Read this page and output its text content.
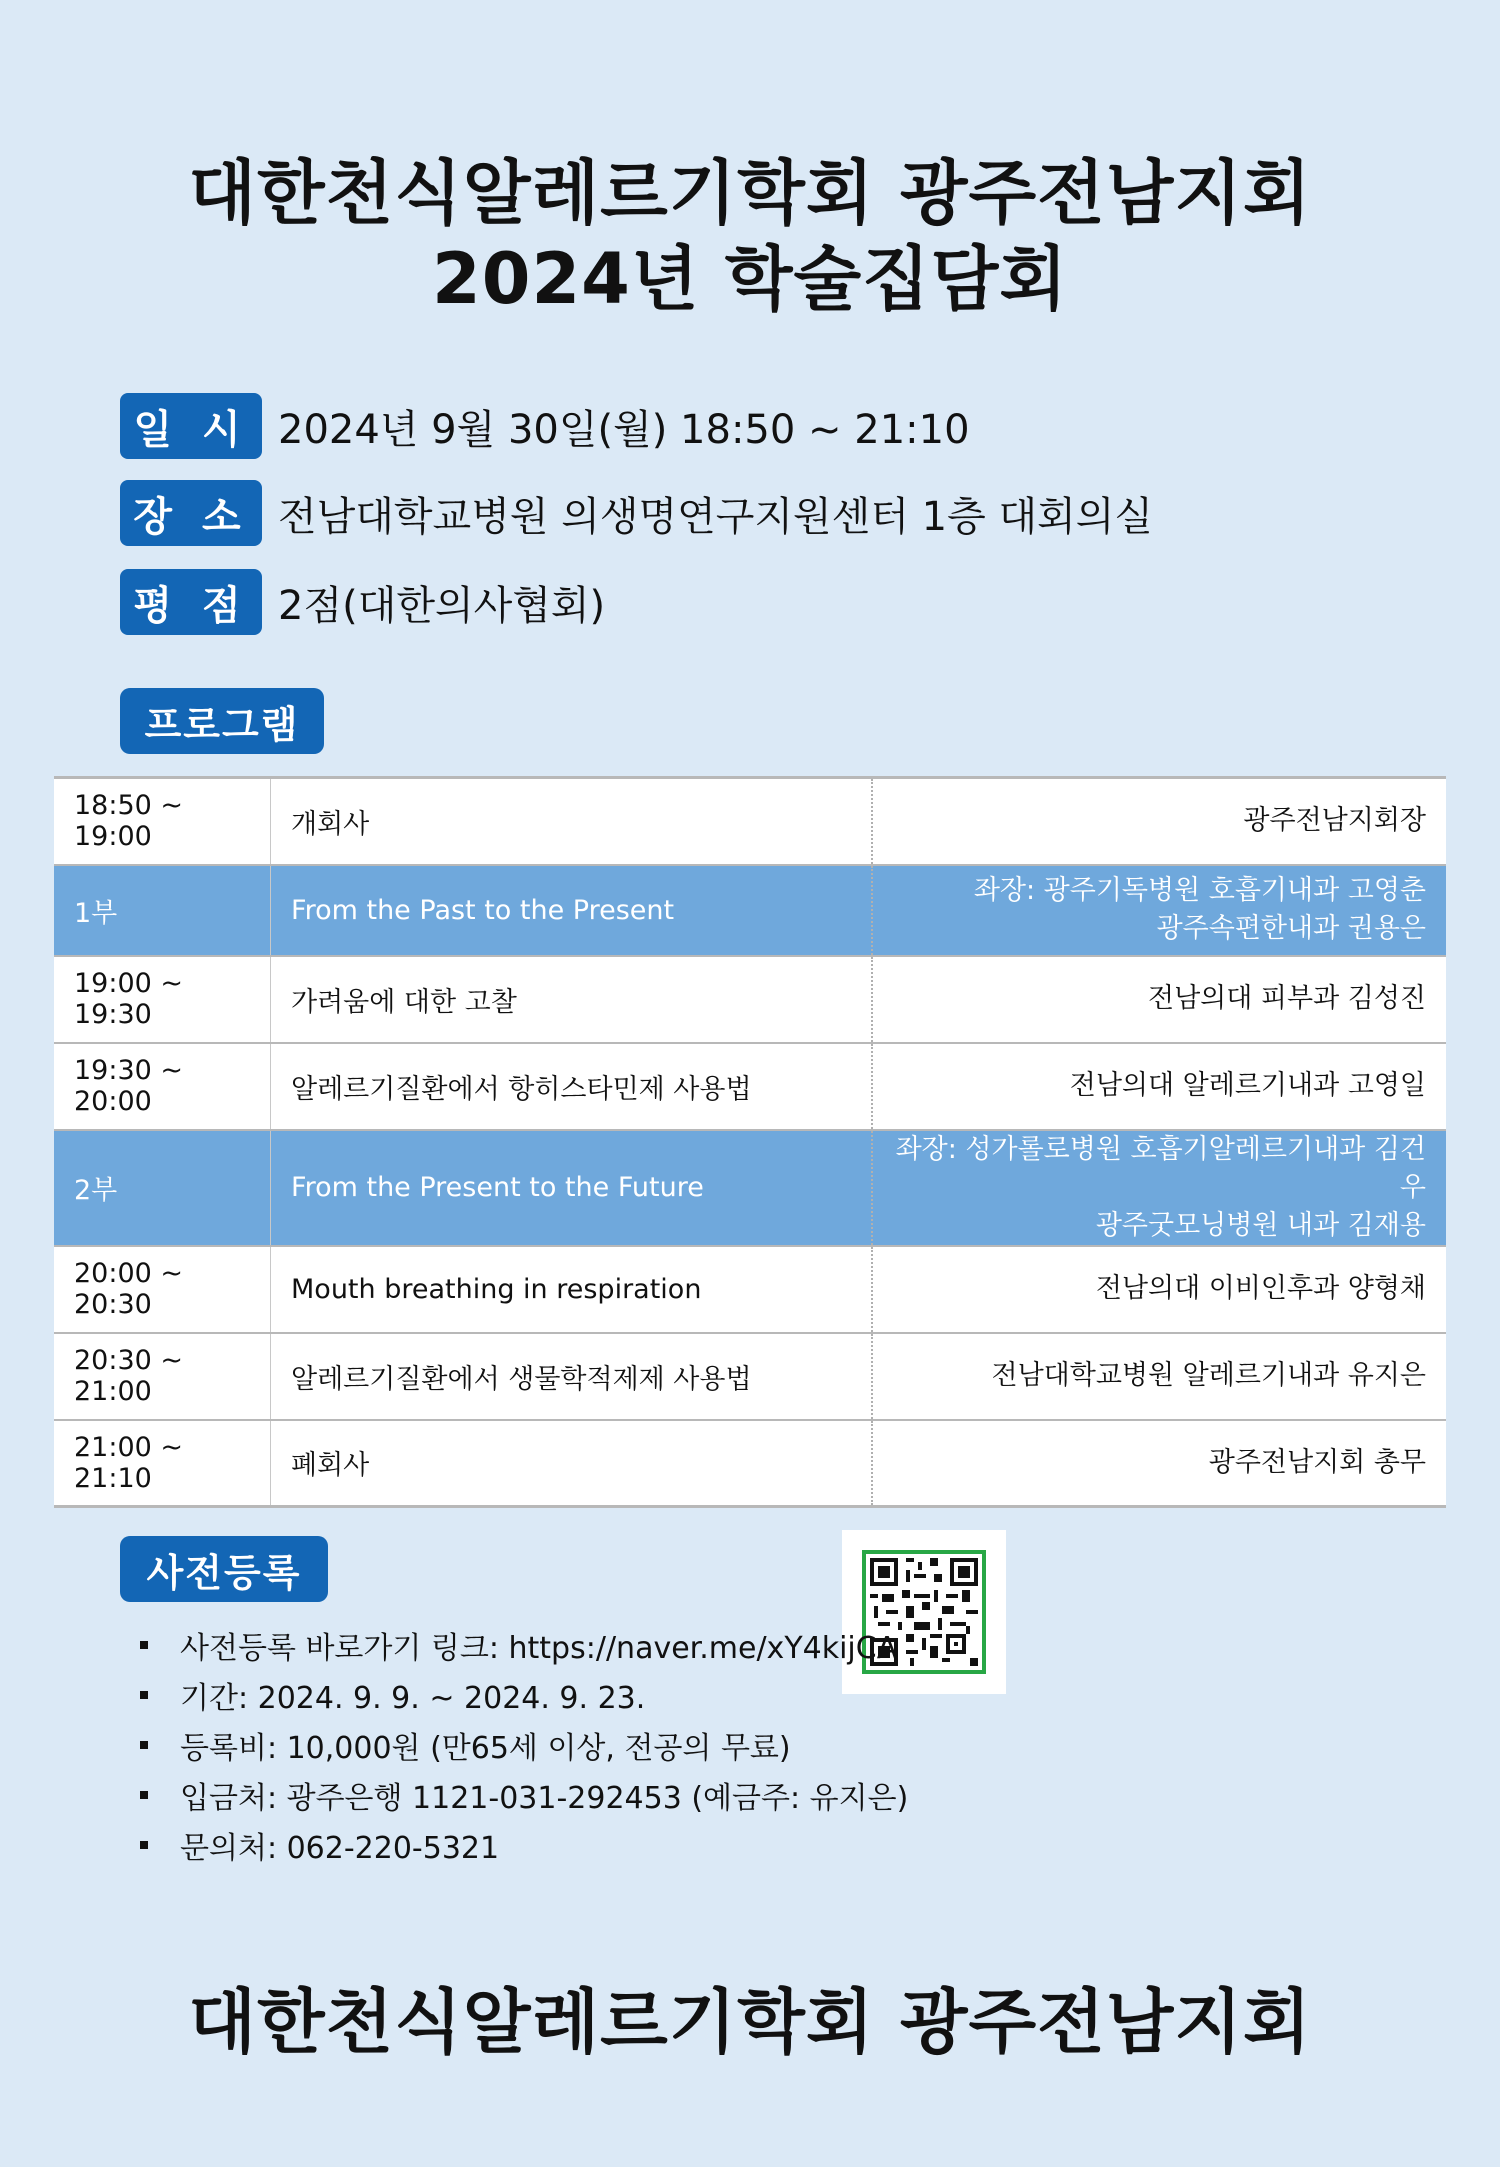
대한천식알레르기학회 광주전남지회
2024년 학술집담회
일 시 2024년 9월 30일(월) 18:50 ~ 21:10
장 소 전남대학교병원 의생명연구지원센터 1층 대회의실
평 점 2점(대한의사협회)
프로그램
18:50 ~ 19:00	개회사	광주전남지회장

1부	From the Past to the Present	좌장: 광주기독병원 호흡기내과 고영춘
광주속편한내과 권용은

19:00 ~ 19:30	가려움에 대한 고찰	전남의대 피부과 김성진

19:30 ~ 20:00	알레르기질환에서 항히스타민제 사용법	전남의대 알레르기내과 고영일

2부	From the Present to the Future	좌장: 성가롤로병원 호흡기알레르기내과 김건우
광주굿모닝병원 내과 김재용

20:00 ~ 20:30	Mouth breathing in respiration	전남의대 이비인후과 양형채

20:30 ~ 21:00	알레르기질환에서 생물학적제제 사용법	전남대학교병원 알레르기내과 유지은

21:00 ~ 21:10	폐회사	광주전남지회 총무
사전등록
사전등록 바로가기 링크: https://naver.me/xY4kijCA
기간: 2024. 9. 9. ~ 2024. 9. 23.
등록비: 10,000원 (만65세 이상, 전공의 무료)
입금처: 광주은행 1121-031-292453 (예금주: 유지은)
문의처: 062-220-5321
대한천식알레르기학회 광주전남지회
